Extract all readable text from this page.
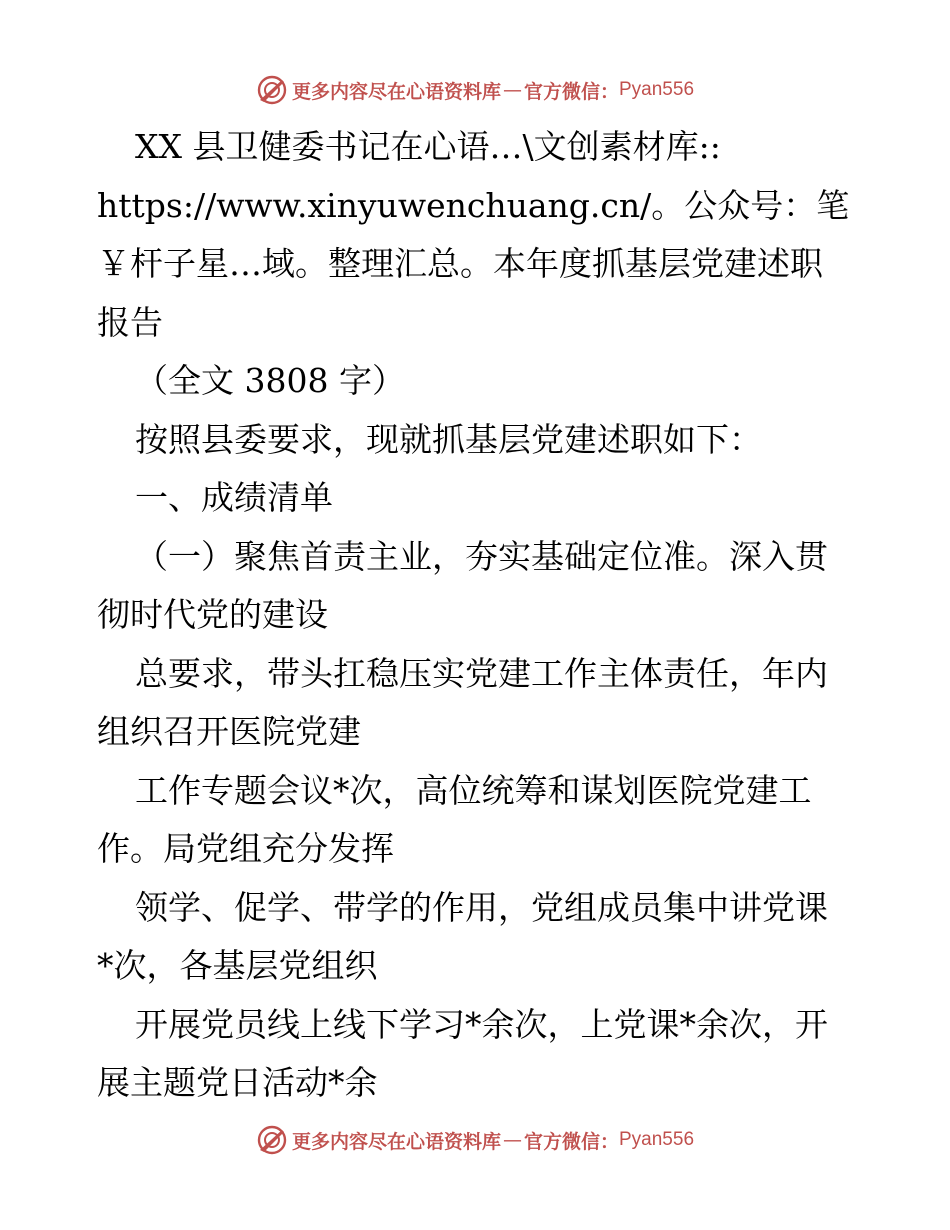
更多内容尽在心语资料库 — 官方微信： Pyan556

XX 县卫健委书记在心语…\文创素材库::

https://www.xinyuwenchuang.cn/。公众号：笔

￥杆子星…域。整理汇总。本年度抓基层党建述职

报告

（全文 3808 字）

按照县委要求，现就抓基层党建述职如下：

一、成绩清单

（一）聚焦首责主业，夯实基础定位准。深入贯

彻时代党的建设

总要求，带头扛稳压实党建工作主体责任，年内

组织召开医院党建

工作专题会议*次，高位统筹和谋划医院党建工

作。局党组充分发挥

领学、促学、带学的作用，党组成员集中讲党课

*次，各基层党组织

开展党员线上线下学习*余次，上党课*余次，开

展主题党日活动*余

更多内容尽在心语资料库 — 官方微信： Pyan556
